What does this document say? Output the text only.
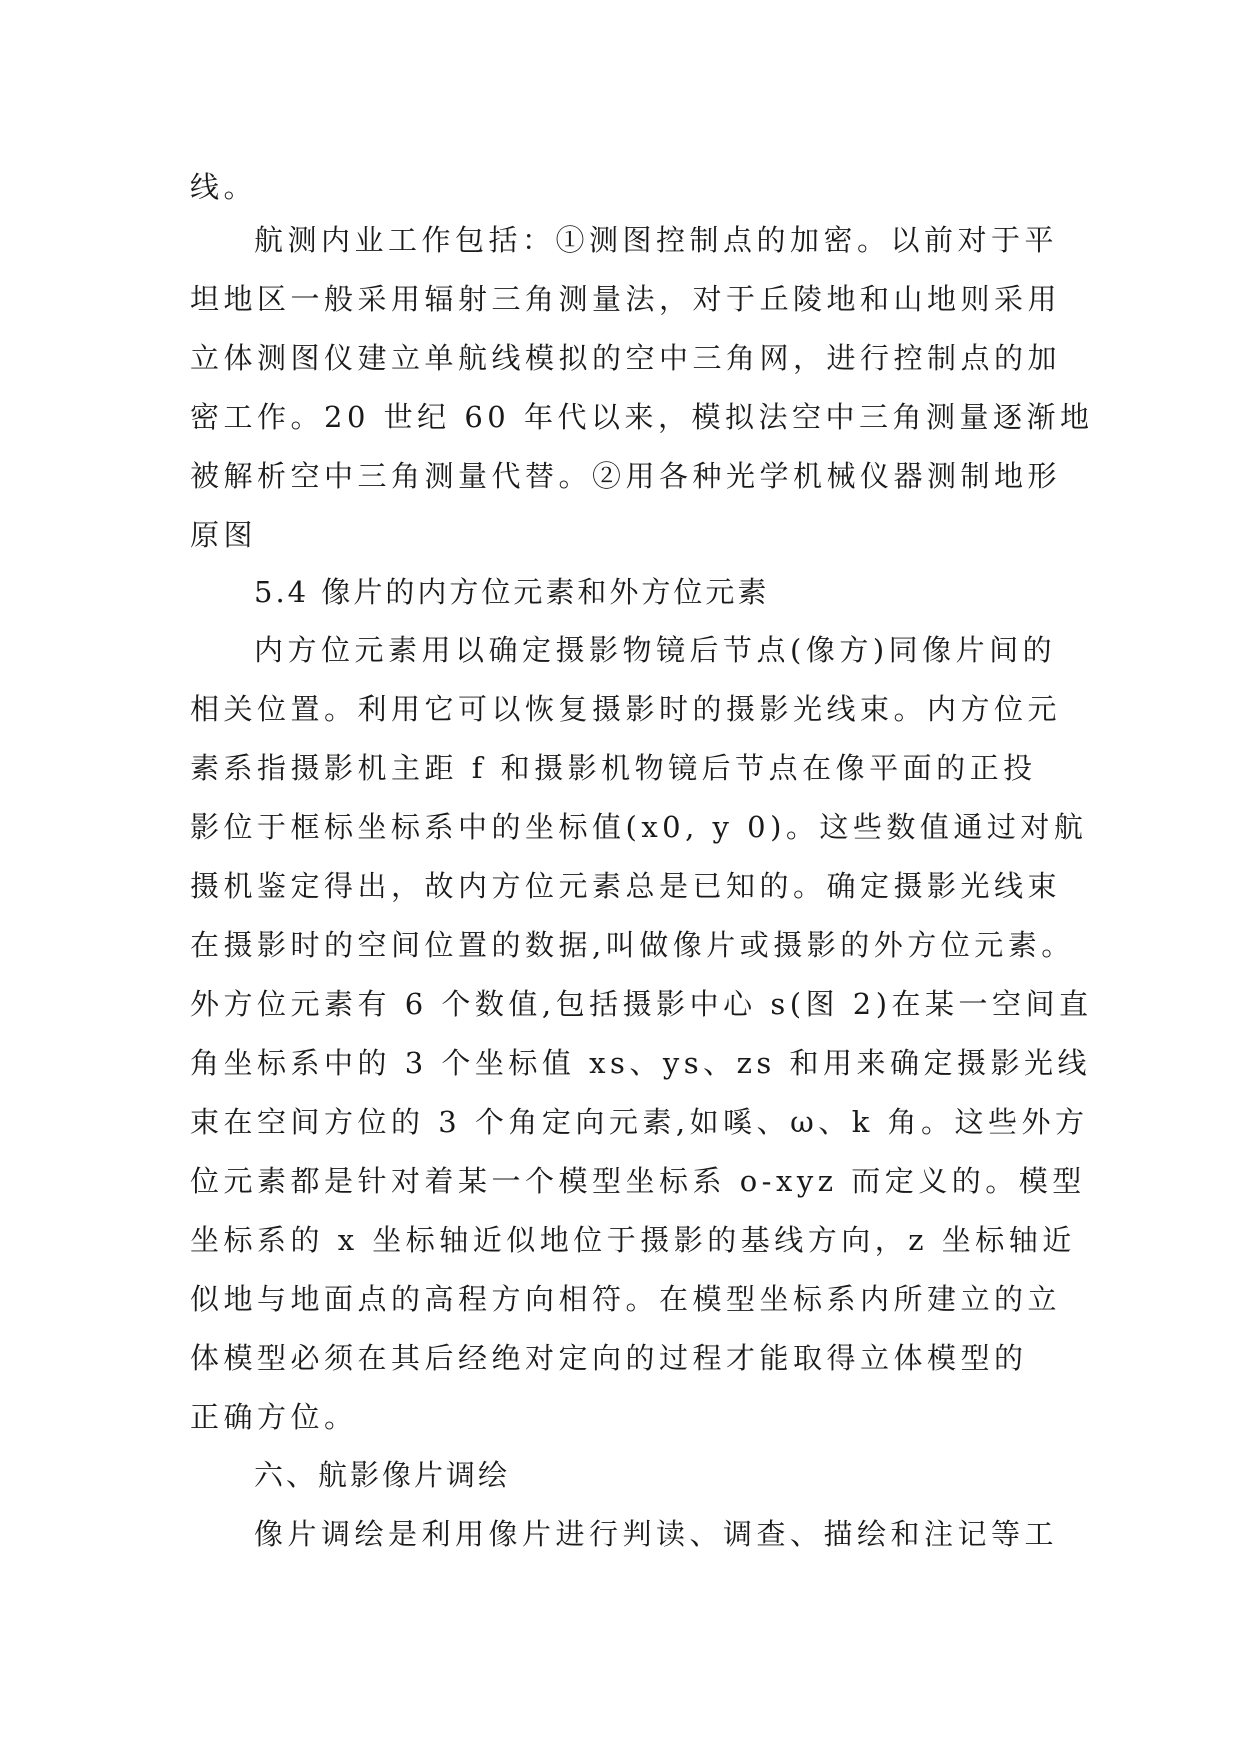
线。
航测内业工作包括：①测图控制点的加密。以前对于平
坦地区一般采用辐射三角测量法，对于丘陵地和山地则采用
立体测图仪建立单航线模拟的空中三角网，进行控制点的加
密工作。20 世纪 60 年代以来，模拟法空中三角测量逐渐地
被解析空中三角测量代替。②用各种光学机械仪器测制地形
原图
5.4 像片的内方位元素和外方位元素
内方位元素用以确定摄影物镜后节点(像方)同像片间的
相关位置。利用它可以恢复摄影时的摄影光线束。内方位元
素系指摄影机主距 f 和摄影机物镜后节点在像平面的正投
影位于框标坐标系中的坐标值(x0, y 0)。这些数值通过对航
摄机鉴定得出，故内方位元素总是已知的。确定摄影光线束
在摄影时的空间位置的数据,叫做像片或摄影的外方位元素。
外方位元素有 6 个数值,包括摄影中心 s(图 2)在某一空间直
角坐标系中的 3 个坐标值 xs、ys、zs 和用来确定摄影光线
束在空间方位的 3 个角定向元素,如嗘、ω、k 角。这些外方
位元素都是针对着某一个模型坐标系 o-xyz 而定义的。模型
坐标系的 x 坐标轴近似地位于摄影的基线方向，z 坐标轴近
似地与地面点的高程方向相符。在模型坐标系内所建立的立
体模型必须在其后经绝对定向的过程才能取得立体模型的
正确方位。
六、航影像片调绘
像片调绘是利用像片进行判读、调查、描绘和注记等工
